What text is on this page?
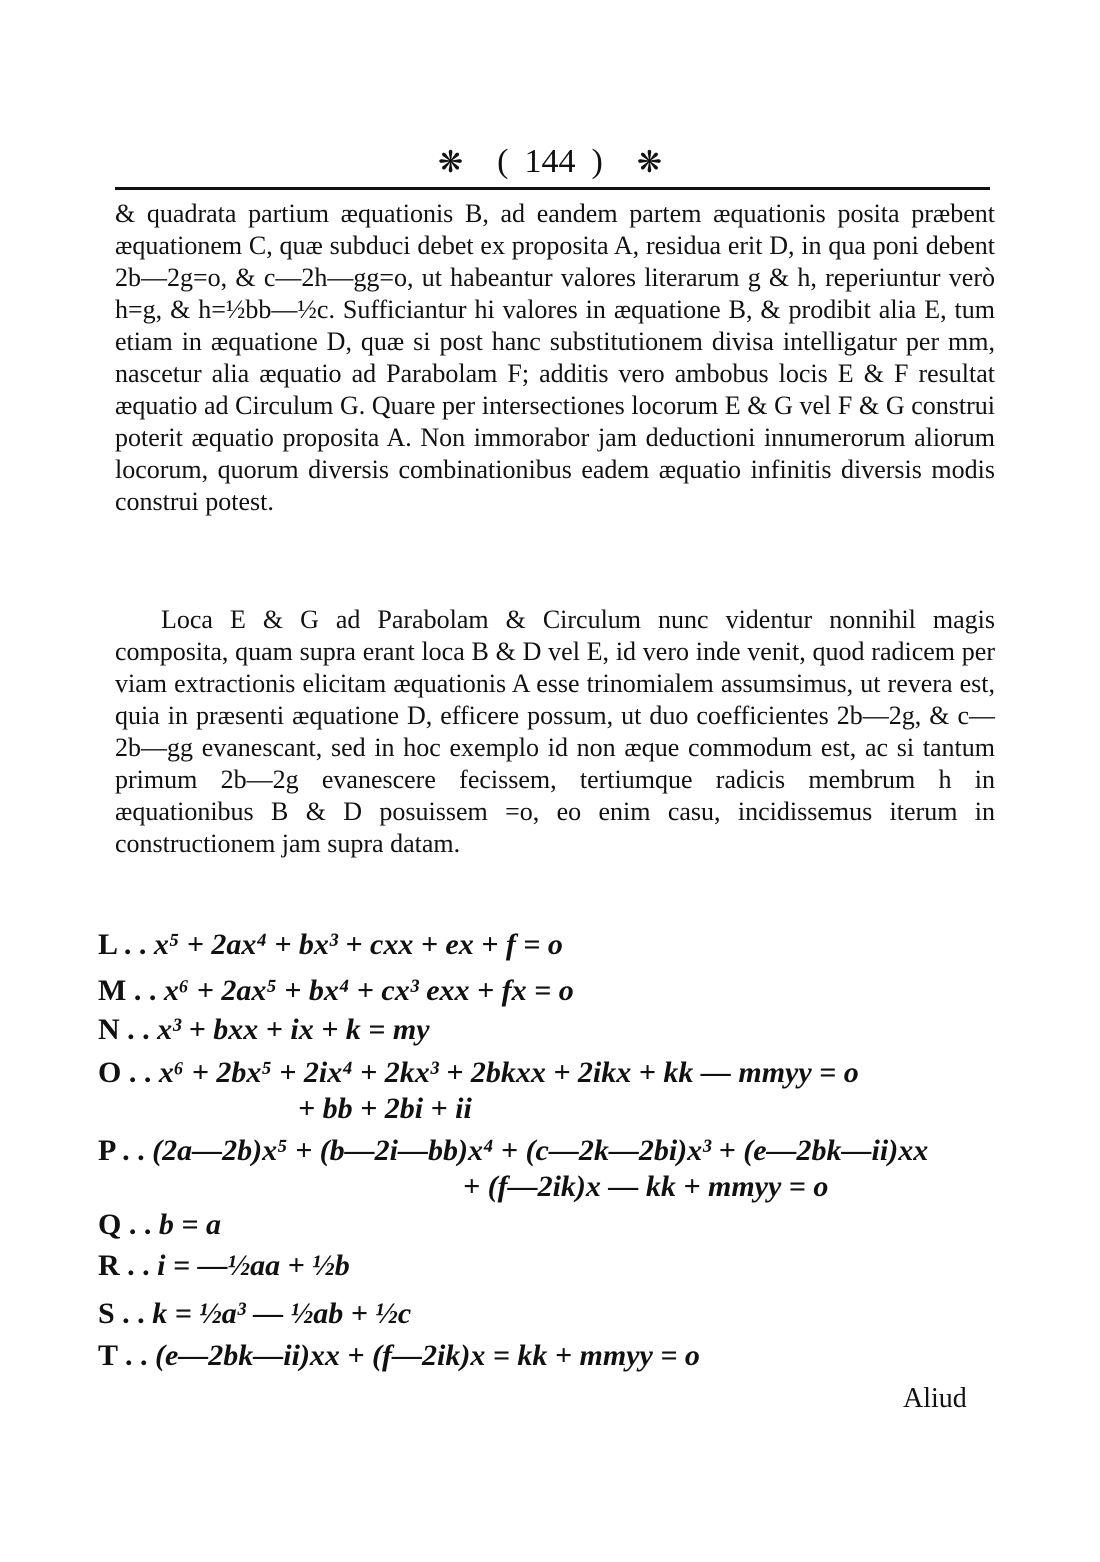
❋ ( 144 ) ❋

& quadrata partium æquationis B, ad eandem partem æquationis posita præbent æquationem C, quæ subduci debet ex proposita A, residua erit D, in qua poni debent 2b—2g=o, & c—2h—gg=o, ut habeantur valores literarum g & h, reperiuntur verò h=g, & h=½bb—½c. Sufficiantur hi valores in æquatione B, & prodibit alia E, tum etiam in æquatione D, quæ si post hanc substitutionem divisa intelligatur per mm, nascetur alia æquatio ad Parabolam F; additis vero ambobus locis E & F resultat æquatio ad Circulum G. Quare per intersectiones locorum E & G vel F & G construi poterit æquatio proposita A. Non immorabor jam deductioni innumerorum aliorum locorum, quorum diversis combinationibus eadem æquatio infinitis diversis modis construi potest.

Loca E & G ad Parabolam & Circulum nunc videntur nonnihil magis composita, quam supra erant loca B & D vel E, id vero inde venit, quod radicem per viam extractionis elicitam æquationis A esse trinomialem assumsimus, ut revera est, quia in præsenti æquatione D, efficere possum, ut duo coefficientes 2b—2g, & c—2b—gg evanescant, sed in hoc exemplo id non æque commodum est, ac si tantum primum 2b—2g evanescere fecissem, tertiumque radicis membrum h in æquationibus B & D posuissem =o, eo enim casu, incidissemus iterum in constructionem jam supra datam.

L . . x⁵ + 2ax⁴ + bx³ + cxx + ex + f = o
M . . x⁶ + 2ax⁵ + bx⁴ + cx³ exx + fx = o
N . . x³ + bxx + ix + k = my
O . . x⁶ + 2bx⁵ + 2ix⁴ + 2kx³ + 2bkxx + 2ikx + kk — mmyy = o
+ bb + 2bi + ii
P . . (2a—2b)x⁵ + (b—2i—bb)x⁴ + (c—2k—2bi)x³ + (e—2bk—ii)xx
+ (f—2ik)x — kk + mmyy = o
Q . . b = a
R . . i = —½aa + ½b
S . . k = ½a³ — ½ab + ½c
T . . (e—2bk—ii)xx + (f—2ik)x = kk + mmyy = o
Aliud
